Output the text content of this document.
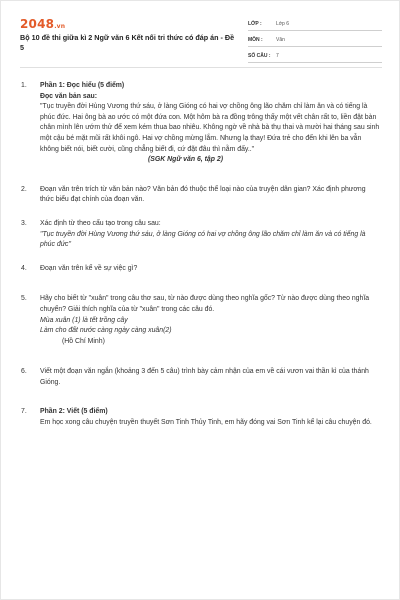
2048.vn
Bộ 10 đề thi giữa kì 2 Ngữ văn 6 Kết nối tri thức có đáp án - Đề 5
LỚP :	Lớp 6
MÔN :	Văn
SỐ CÂU :	7
1. Phần 1: Đọc hiểu (5 điểm)

Đọc văn bản sau:

"Tục truyền đời Hùng Vương thứ sáu, ở làng Gióng có hai vợ chồng ông lão chăm chỉ làm ăn và có tiếng là phúc đức. Hai ông bà ao ước có một đứa con. Một hôm bà ra đồng trông thấy một vết chân rất to, liền đặt bàn chân mình lên ướm thử để xem kém thua bao nhiêu. Không ngờ về nhà bà thụ thai và mười hai tháng sau sinh một cậu bé mặt mũi rất khôi ngô. Hai vợ chồng mừng lắm. Nhưng lạ thay! Đứa trẻ cho đến khi lên ba vẫn không biết nói, biết cười, cũng chẳng biết đi, cứ đặt đâu thì nằm đấy.."

(SGK Ngữ văn 6, tập 2)

2. Đoạn văn trên trích từ văn bản nào? Văn bản đó thuộc thể loại nào của truyện dân gian? Xác định phương thức biểu đạt chính của đoạn văn.

3. Xác định từ theo cấu tạo trong câu sau:

"Tục truyền đời Hùng Vương thứ sáu, ở làng Gióng có hai vợ chồng ông lão chăm chỉ làm ăn và có tiếng là phúc đức"

4. Đoạn văn trên kể về sự việc gì?

5. Hãy cho biết từ "xuân" trong câu thơ sau, từ nào được dùng theo nghĩa gốc? Từ nào được dùng theo nghĩa chuyển? Giải thích nghĩa của từ "xuân" trong các câu đó.

Mùa xuân (1) là tết trồng cây

Làm cho đất nước càng ngày càng xuân(2)

(Hồ Chí Minh)

6. Viết một đoạn văn ngắn (khoảng 3 đến 5 câu) trình bày cảm nhận của em về cái vươn vai thần kì của thánh Gióng.

7. Phần 2: Viết (5 điểm)

Em học xong câu chuyện truyền thuyết Sơn Tinh Thủy Tinh, em hãy đóng vai Sơn Tinh kể lại câu chuyện đó.
